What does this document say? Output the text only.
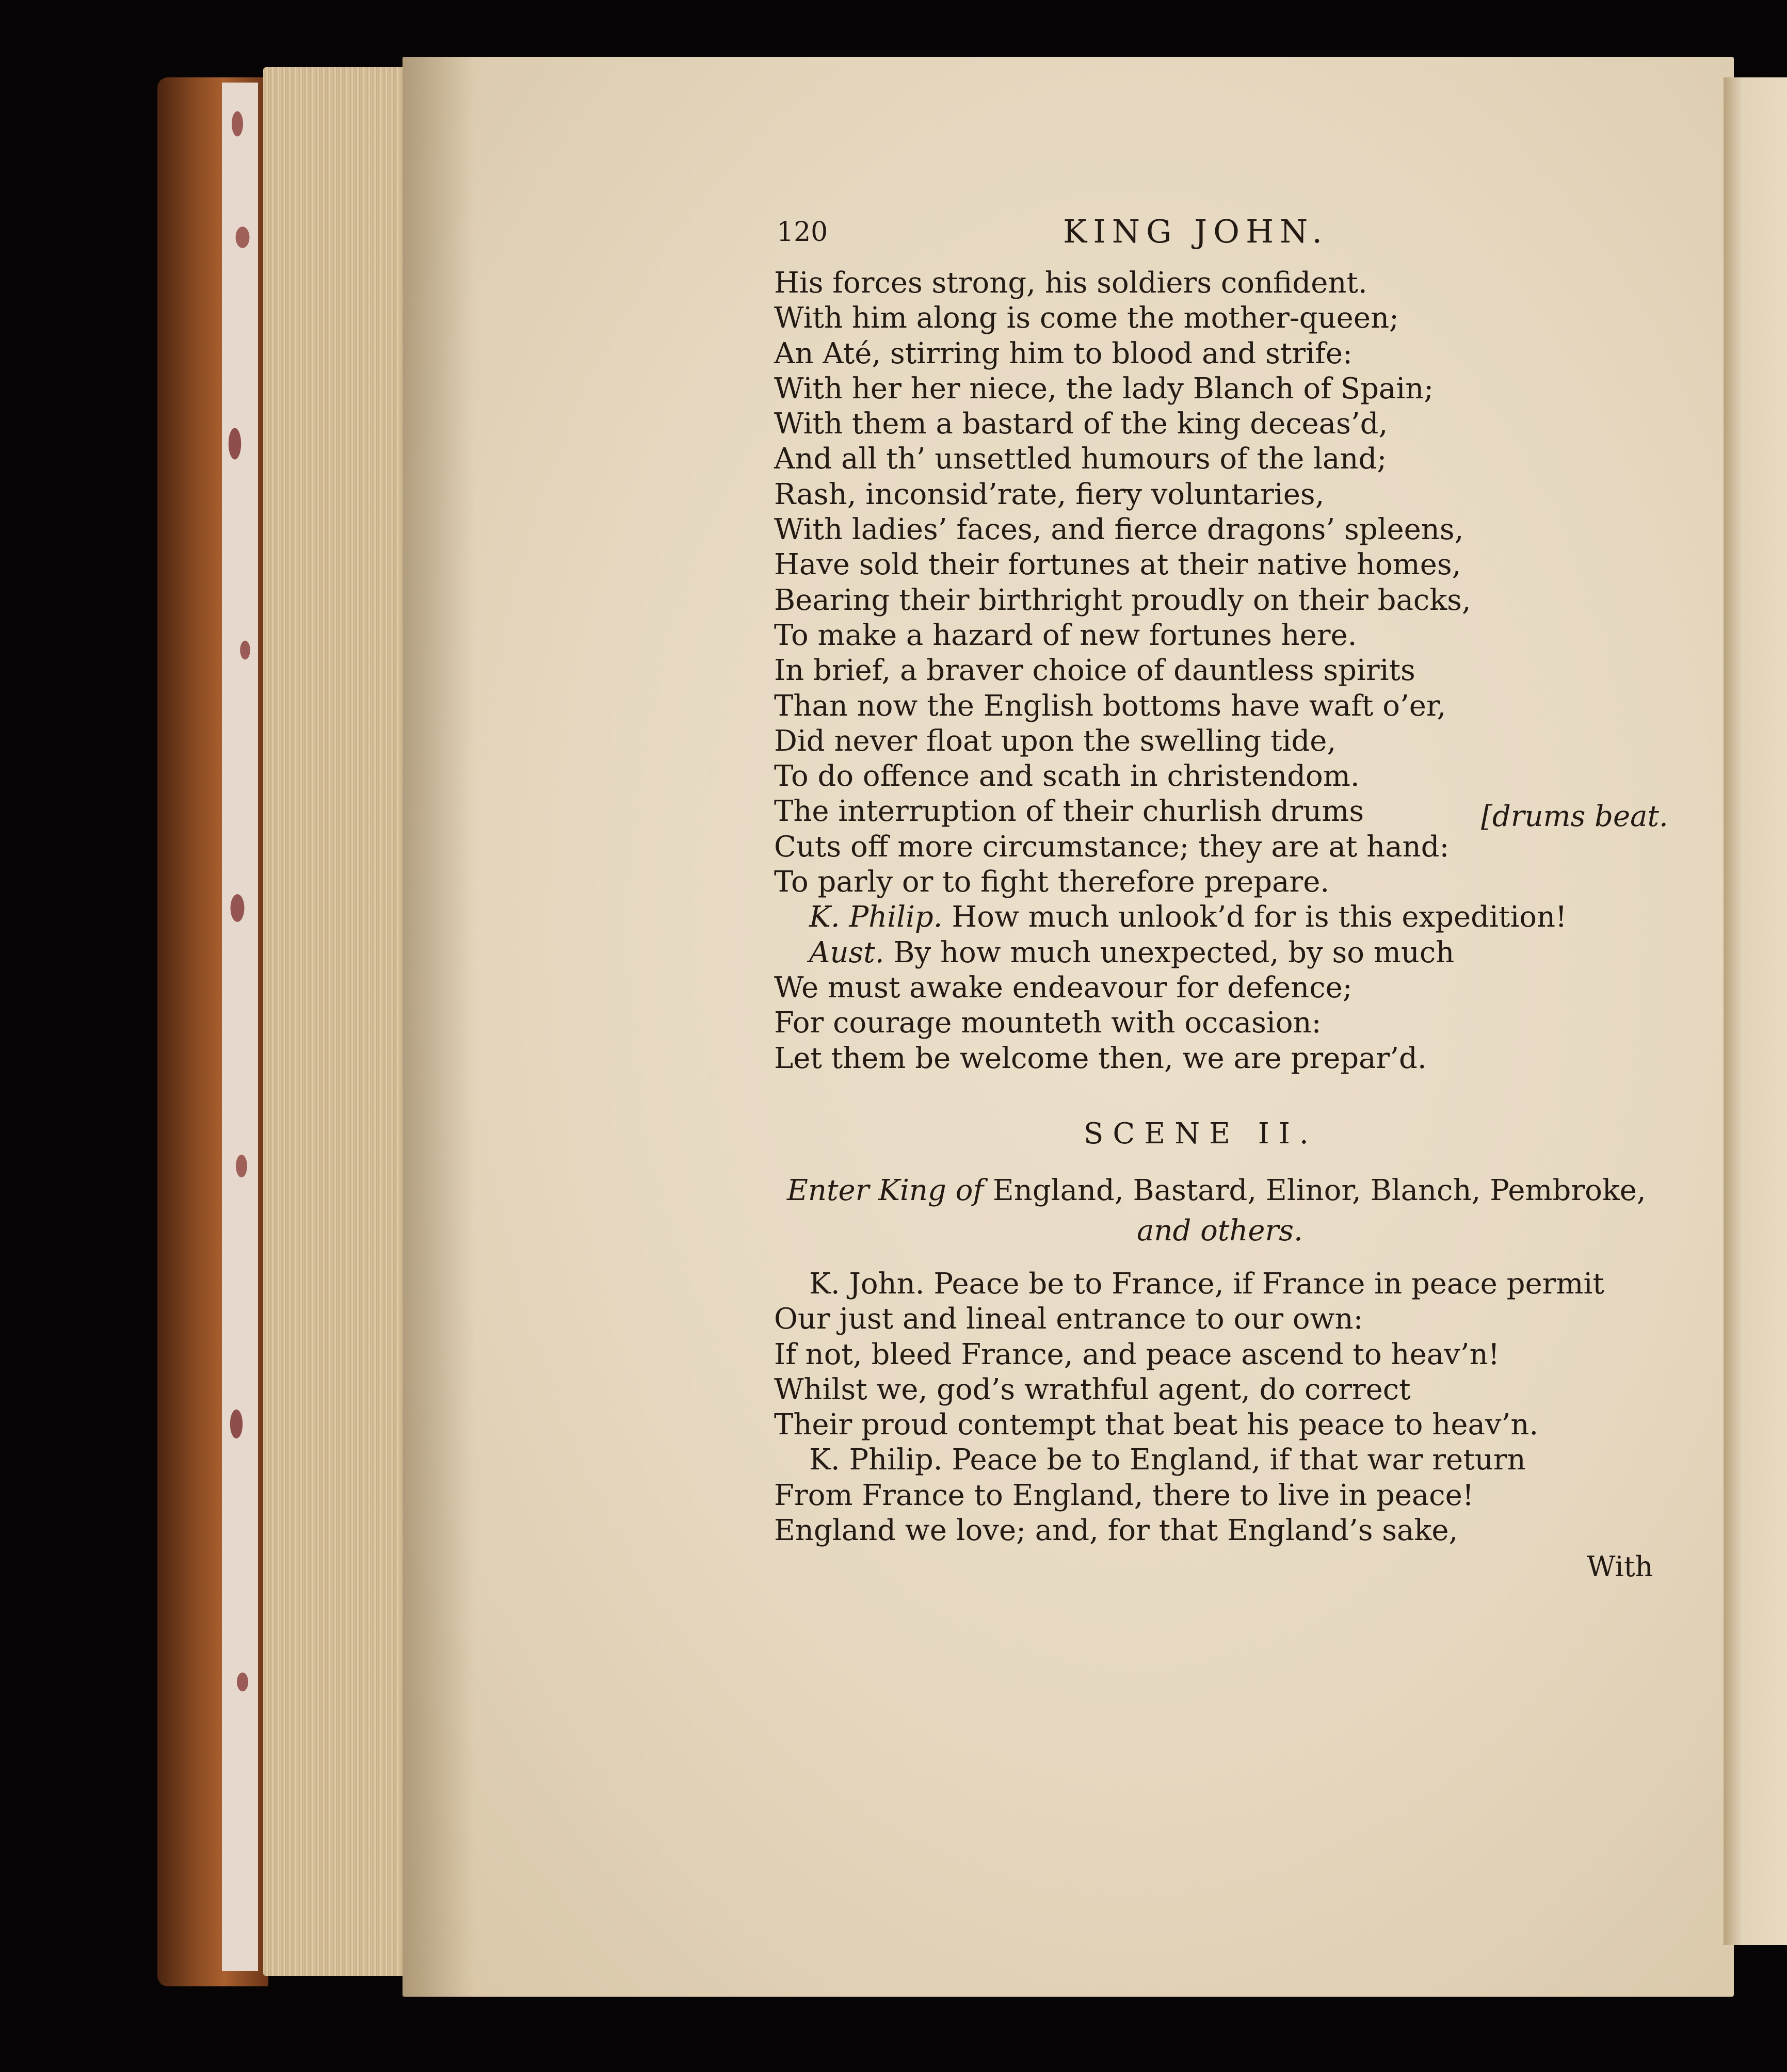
120	KING JOHN.
His forces strong, his soldiers confident.
With him along is come the mother-queen;
An Até, stirring him to blood and strife:
With her her niece, the lady Blanch of Spain;
With them a bastard of the king deceas’d,
And all th’ unsettled humours of the land;
Rash, inconsid’rate, fiery voluntaries,
With ladies’ faces, and fierce dragons’ spleens,
Have sold their fortunes at their native homes,
Bearing their birthright proudly on their backs,
To make a hazard of new fortunes here.
In brief, a braver choice of dauntless spirits
Than now the English bottoms have waft o’er,
Did never float upon the swelling tide,
To do offence and scath in christendom.
The interruption of their churlish drums
Cuts off more circumstance; they are at hand:
To parly or to fight therefore prepare.
K. Philip. How much unlook’d for is this expedition!
Aust. By how much unexpected, by so much
We must awake endeavour for defence;
For courage mounteth with occasion:
Let them be welcome then, we are prepar’d.
[drums beat.
SCENE II.
Enter King of England, Bastard, Elinor, Blanch, Pembroke,
and others.
K. John. Peace be to France, if France in peace permit
Our just and lineal entrance to our own:
If not, bleed France, and peace ascend to heav’n!
Whilst we, god’s wrathful agent, do correct
Their proud contempt that beat his peace to heav’n.
K. Philip. Peace be to England, if that war return
From France to England, there to live in peace!
England we love; and, for that England’s sake,
With
